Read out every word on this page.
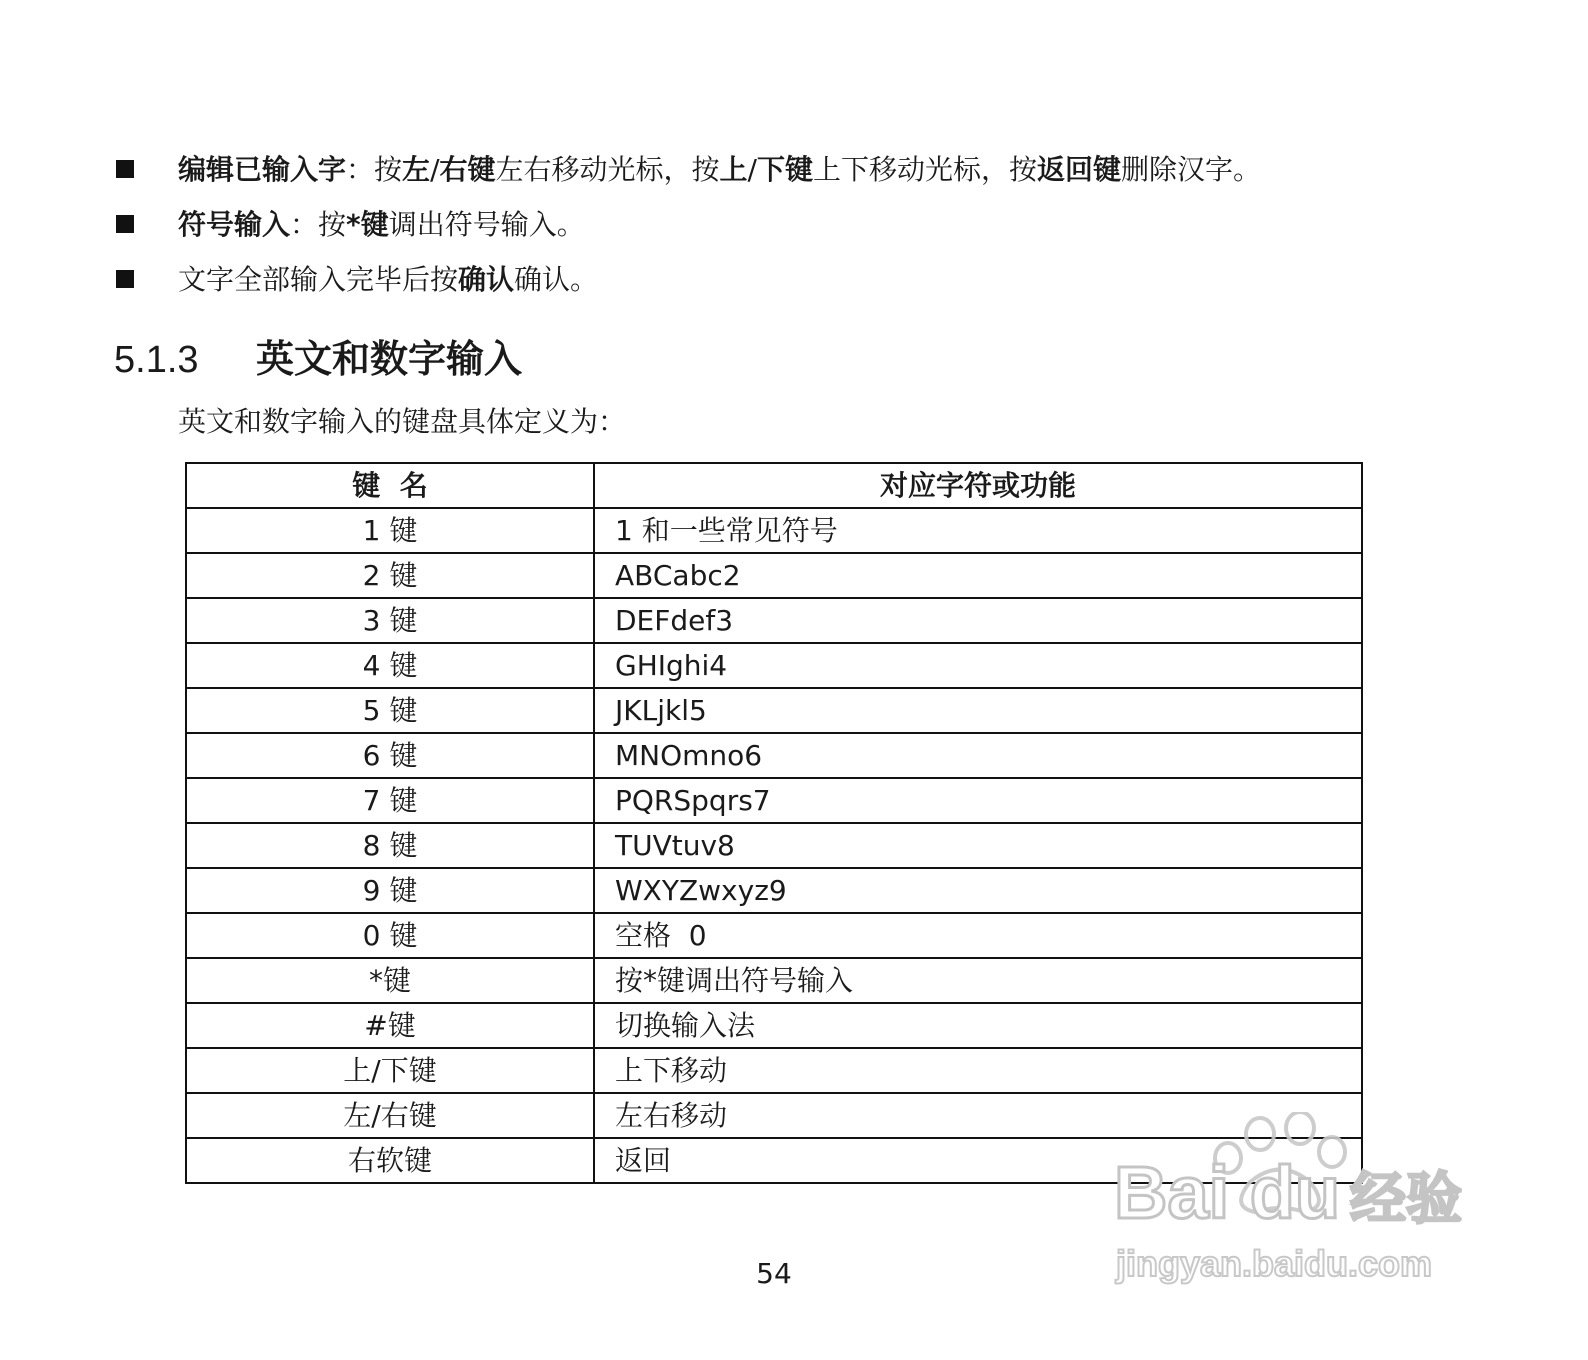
编辑已输入字：按左/右键左右移动光标，按上/下键上下移动光标，按返回键删除汉字。
符号输入：按*键调出符号输入。
文字全部输入完毕后按确认确认。
5.1.3 英文和数字输入
英文和数字输入的键盘具体定义为：
键  名	对应字符或功能
1 键	1 和一些常见符号
2 键	ABCabc2
3 键	DEFdef3
4 键	GHIghi4
5 键	JKLjkl5
6 键	MNOmno6
7 键	PQRSpqrs7
8 键	TUVtuv8
9 键	WXYZwxyz9
0 键	空格  0
*键	按*键调出符号输入
#键	切换输入法
上/下键	上下移动
左/右键	左右移动
右软键	返回
54
Bai du 经验
jingyan.baidu.com
